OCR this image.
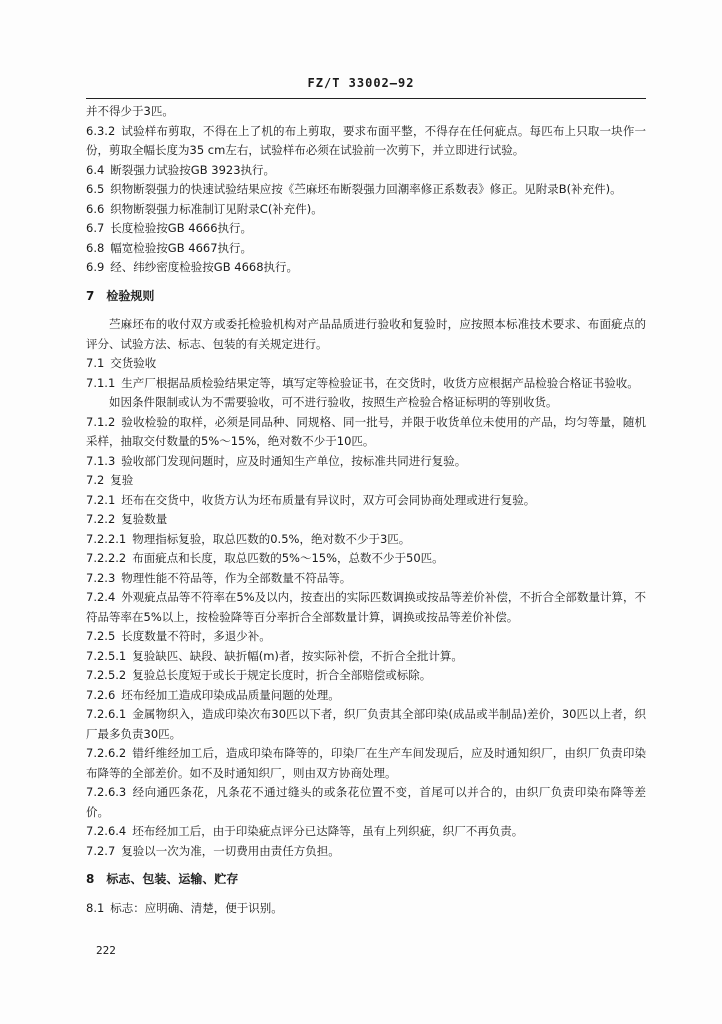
FZ/T 33002—92

并不得少于3匹。

6.3.2 试验样布剪取，不得在上了机的布上剪取，要求布面平整，不得存在任何疵点。每匹布上只取一块作一份，剪取全幅长度为35 cm左右，试验样布必须在试验前一次剪下，并立即进行试验。

6.4 断裂强力试验按GB 3923执行。

6.5 织物断裂强力的快速试验结果应按《苎麻坯布断裂强力回潮率修正系数表》修正。见附录B(补充件)。

6.6 织物断裂强力标准制订见附录C(补充件)。

6.7 长度检验按GB 4666执行。

6.8 幅宽检验按GB 4667执行。

6.9 经、纬纱密度检验按GB 4668执行。

7　检验规则

苎麻坯布的收付双方或委托检验机构对产品品质进行验收和复验时，应按照本标准技术要求、布面疵点的评分、试验方法、标志、包装的有关规定进行。

7.1 交货验收

7.1.1 生产厂根据品质检验结果定等，填写定等检验证书，在交货时，收货方应根据产品检验合格证书验收。

如因条件限制或认为不需要验收，可不进行验收，按照生产检验合格证标明的等别收货。

7.1.2 验收检验的取样，必须是同品种、同规格、同一批号，并限于收货单位未使用的产品，均匀等量，随机采样，抽取交付数量的5%～15%，绝对数不少于10匹。

7.1.3 验收部门发现问题时，应及时通知生产单位，按标准共同进行复验。

7.2 复验

7.2.1 坯布在交货中，收货方认为坯布质量有异议时，双方可会同协商处理或进行复验。

7.2.2 复验数量

7.2.2.1 物理指标复验，取总匹数的0.5%，绝对数不少于3匹。

7.2.2.2 布面疵点和长度，取总匹数的5%～15%，总数不少于50匹。

7.2.3 物理性能不符品等，作为全部数量不符品等。

7.2.4 外观疵点品等不符率在5%及以内，按查出的实际匹数调换或按品等差价补偿，不折合全部数量计算，不符品等率在5%以上，按检验降等百分率折合全部数量计算，调换或按品等差价补偿。

7.2.5 长度数量不符时，多退少补。

7.2.5.1 复验缺匹、缺段、缺折幅(m)者，按实际补偿，不折合全批计算。

7.2.5.2 复验总长度短于或长于规定长度时，折合全部赔偿或标除。

7.2.6 坯布经加工造成印染成品质量问题的处理。

7.2.6.1 金属物织入，造成印染次布30匹以下者，织厂负责其全部印染(成品或半制品)差价，30匹以上者，织厂最多负责30匹。

7.2.6.2 错纤维经加工后，造成印染布降等的，印染厂在生产车间发现后，应及时通知织厂，由织厂负责印染布降等的全部差价。如不及时通知织厂，则由双方协商处理。

7.2.6.3 经向通匹条花，凡条花不通过缝头的或条花位置不变，首尾可以并合的，由织厂负责印染布降等差价。

7.2.6.4 坯布经加工后，由于印染疵点评分已达降等，虽有上列织疵，织厂不再负责。

7.2.7 复验以一次为准，一切费用由责任方负担。

8　标志、包装、运输、贮存

8.1 标志：应明确、清楚，便于识别。

222
